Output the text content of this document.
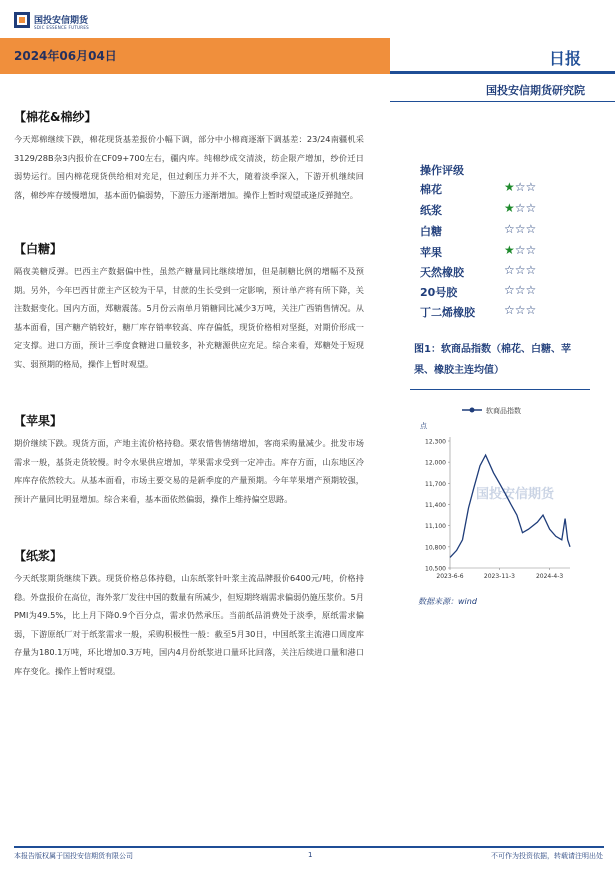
国投安信期货
SDIC ESSENCE FUTURES
2024年06月04日	日报
国投安信期货研究院
【棉花&棉纱】
今天郑棉继续下跌，棉花现货基差报价小幅下调，部分中小棉商逐渐下调基差：23/24南疆机采3129/28B杂3内报价在CF09+700左右，疆内库。纯棉纱成交清淡，纺企限产增加，纱价迁日弱势运行。国内棉花现货供给相对充足，但过剩压力并不大，随着淡季深入，下游开机继续回落，棉纱库存缓慢增加，基本面仍偏弱势，下游压力逐渐增加。操作上暂时观望或逢反弹抛空。
【白糖】
隔夜美糖反弹。巴西主产数据偏中性，虽然产糖量同比继续增加，但是制糖比例的增幅不及预期。另外，今年巴西甘蔗主产区较为干旱，甘蔗的生长受到一定影响，预计单产将有所下降，关注数据变化。国内方面，郑糖震荡。5月份云南单月销糖同比减少3万吨，关注广西销售情况。从基本面看，国产糖产销较好，糖厂库存销率较高、库存偏低，现货价格相对坚挺，对期价形成一定支撑。进口方面，预计三季度食糖进口量较多，补充糖源供应充足。综合来看，郑糖处于短现实、弱预期的格局，操作上暂时观望。
【苹果】
期价继续下跌。现货方面，产地主流价格持稳。栗农惜售情绪增加，客商采购量减少。批发市场需求一般，基货走货较慢。时令水果供应增加，苹果需求受到一定冲击。库存方面，山东地区冷库库存依然较大。从基本面看，市场主要交易的是新季度的产量预期。今年苹果增产预期较强，预计产量同比明显增加。综合来看，基本面依然偏弱，操作上维持偏空思路。
【纸浆】
今天纸浆期货继续下跌。现货价格总体持稳，山东纸浆针叶浆主流品牌报价6400元/吨，价格持稳。外盘报价在高位，海外浆厂发往中国的数量有所减少，但短期终端需求偏弱仍施压浆价。5月PMI为49.5%，比上月下降0.9个百分点，需求仍然承压。当前纸品消费处于淡季，原纸需求偏弱，下游原纸厂对于纸浆需求一般，采购积极性一般：截至5月30日，中国纸浆主流港口周度库存量为180.1万吨，环比增加0.3万吨，国内4月份纸浆进口量环比回落，关注后续进口量和港口库存变化。操作上暂时观望。
操作评级
棉花	★☆☆
纸浆	★☆☆
白糖	☆☆☆
苹果	★☆☆
天然橡胶	☆☆☆
20号胶	☆☆☆
丁二烯橡胶 ☆☆☆
图1：软商品指数（棉花、白糖、苹果、橡胶主连均值）
国投安信期货
软商品指数
点
10,500
10,800
11,100
11,400
11,700
12,000
12,300
2023-6-6	2023-11-3	2024-4-3
数据来源：wind
本报告版权属于国投安信期货有限公司	1	不可作为投资依据，转载请注明出处
